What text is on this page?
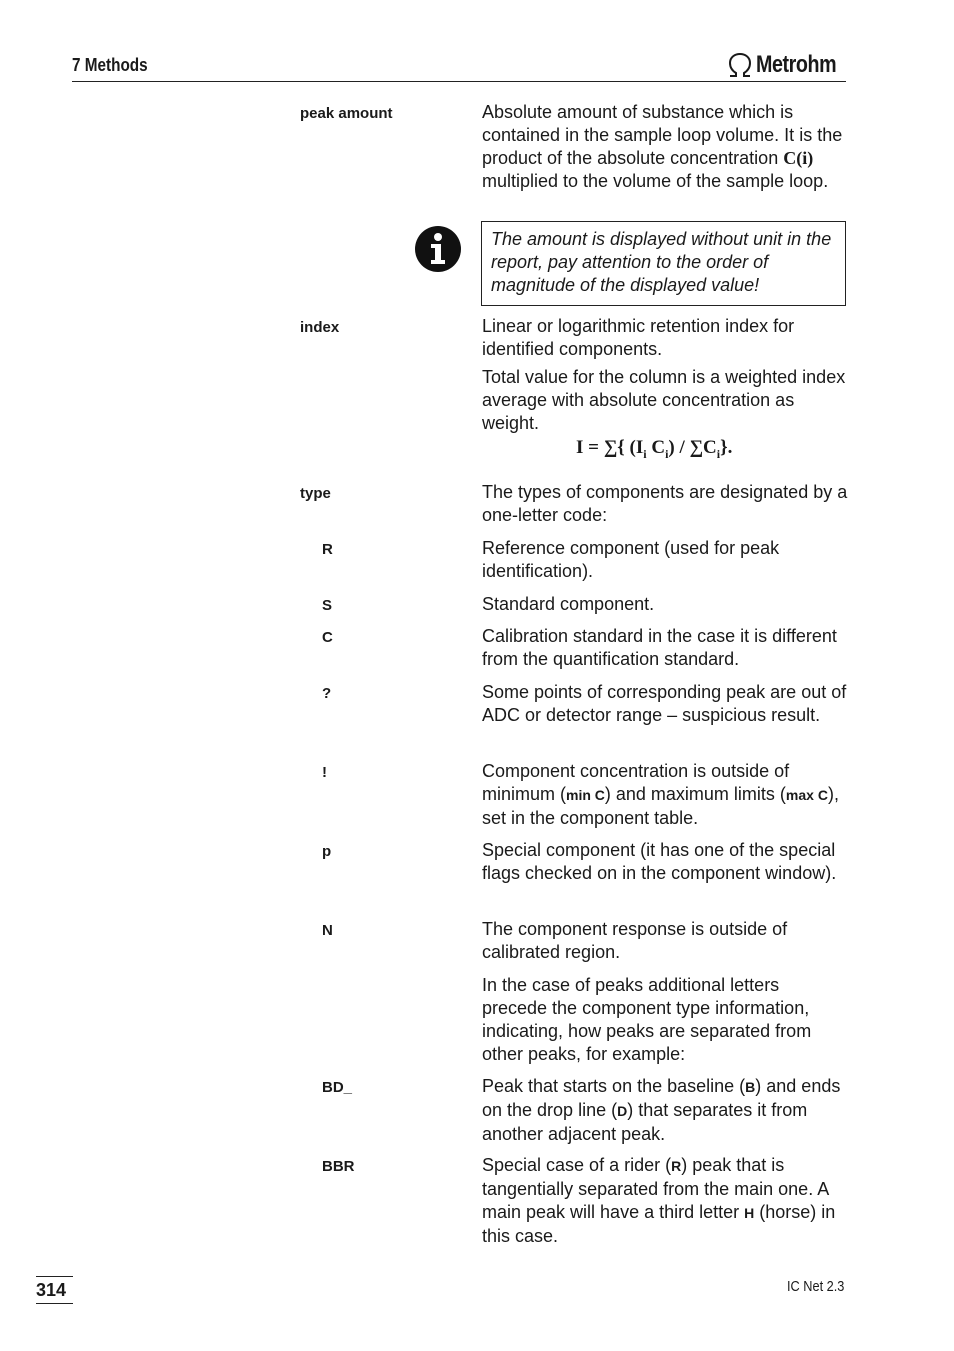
7 Methods	Metrohm
peak amount	Absolute amount of substance which is contained in the sample loop volume. It is the product of the absolute concentration C(i) multiplied to the volume of the sample loop.

The amount is displayed without unit in the report, pay attention to the order of magnitude of the displayed value!
index	Linear or logarithmic retention index for identified components.

Total value for the column is a weighted index average with absolute concentration as weight.

I = ∑{ ($I_i$ $C_i) / \sum C_i$}.
type	The types of components are designated by a one-letter code:
R	Reference component (used for peak identification).
S	Standard component.
C	Calibration standard in the case it is different from the quantification standard.
?	Some points of corresponding peak are out of ADC or detector range – suspicious result.
!	Component concentration is outside of minimum (min C) and maximum limits (max C), set in the component table.

p	Special component (it has one of the special flags checked on in the component window).
N	The component response is outside of calibrated region.

In the case of peaks additional letters precede the component type information, indicating, how peaks are separated from other peaks, for example:

BD_	Peak that starts on the baseline (B) and ends on the drop line (D) that separates it from another adjacent peak.

BBR	Special case of a rider (R) peak that is tangentially separated from the main one. A main peak will have a third letter H (horse) in this case.

314	IC Net 2.3
